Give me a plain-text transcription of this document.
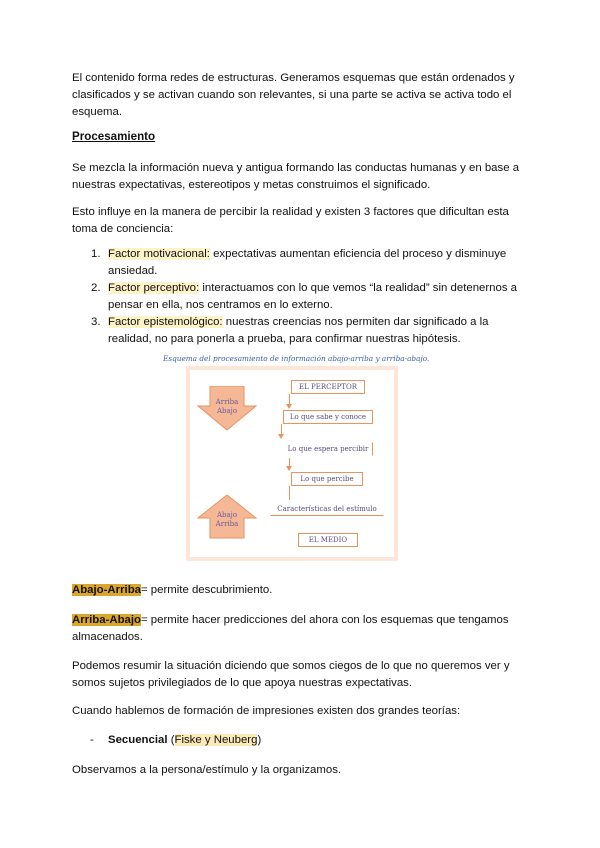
El contenido forma redes de estructuras. Generamos esquemas que están ordenados y clasificados y se activan cuando son relevantes, si una parte se activa se activa todo el esquema.

Procesamiento

Se mezcla la información nueva y antigua formando las conductas humanas y en base a nuestras expectativas, estereotipos y metas construimos el significado.

Esto influye en la manera de percibir la realidad y existen 3 factores que dificultan esta toma de conciencia:

1. Factor motivacional: expectativas aumentan eficiencia del proceso y disminuye ansiedad.
2. Factor perceptivo: interactuamos con lo que vemos “la realidad” sin detenernos a pensar en ella, nos centramos en lo externo.
3. Factor epistemológico: nuestras creencias nos permiten dar significado a la realidad, no para ponerla a prueba, para confirmar nuestras hipótesis.
Esquema del procesamiento de información abajo-arriba y arriba-abajo.
Arriba
Abajo
Abajo
Arriba
EL PERCEPTOR
Lo que sabe y conoce
Lo que espera percibir
Lo que percibe
Características del estímulo
EL MEDIO

Abajo-Arriba= permite descubrimiento.

Arriba-Abajo= permite hacer predicciones del ahora con los esquemas que tengamos almacenados.

Podemos resumir la situación diciendo que somos ciegos de lo que no queremos ver y somos sujetos privilegiados de lo que apoya nuestras expectativas.

Cuando hablemos de formación de impresiones existen dos grandes teorías:

- Secuencial (Fiske y Neuberg)

Observamos a la persona/estímulo y la organizamos.
